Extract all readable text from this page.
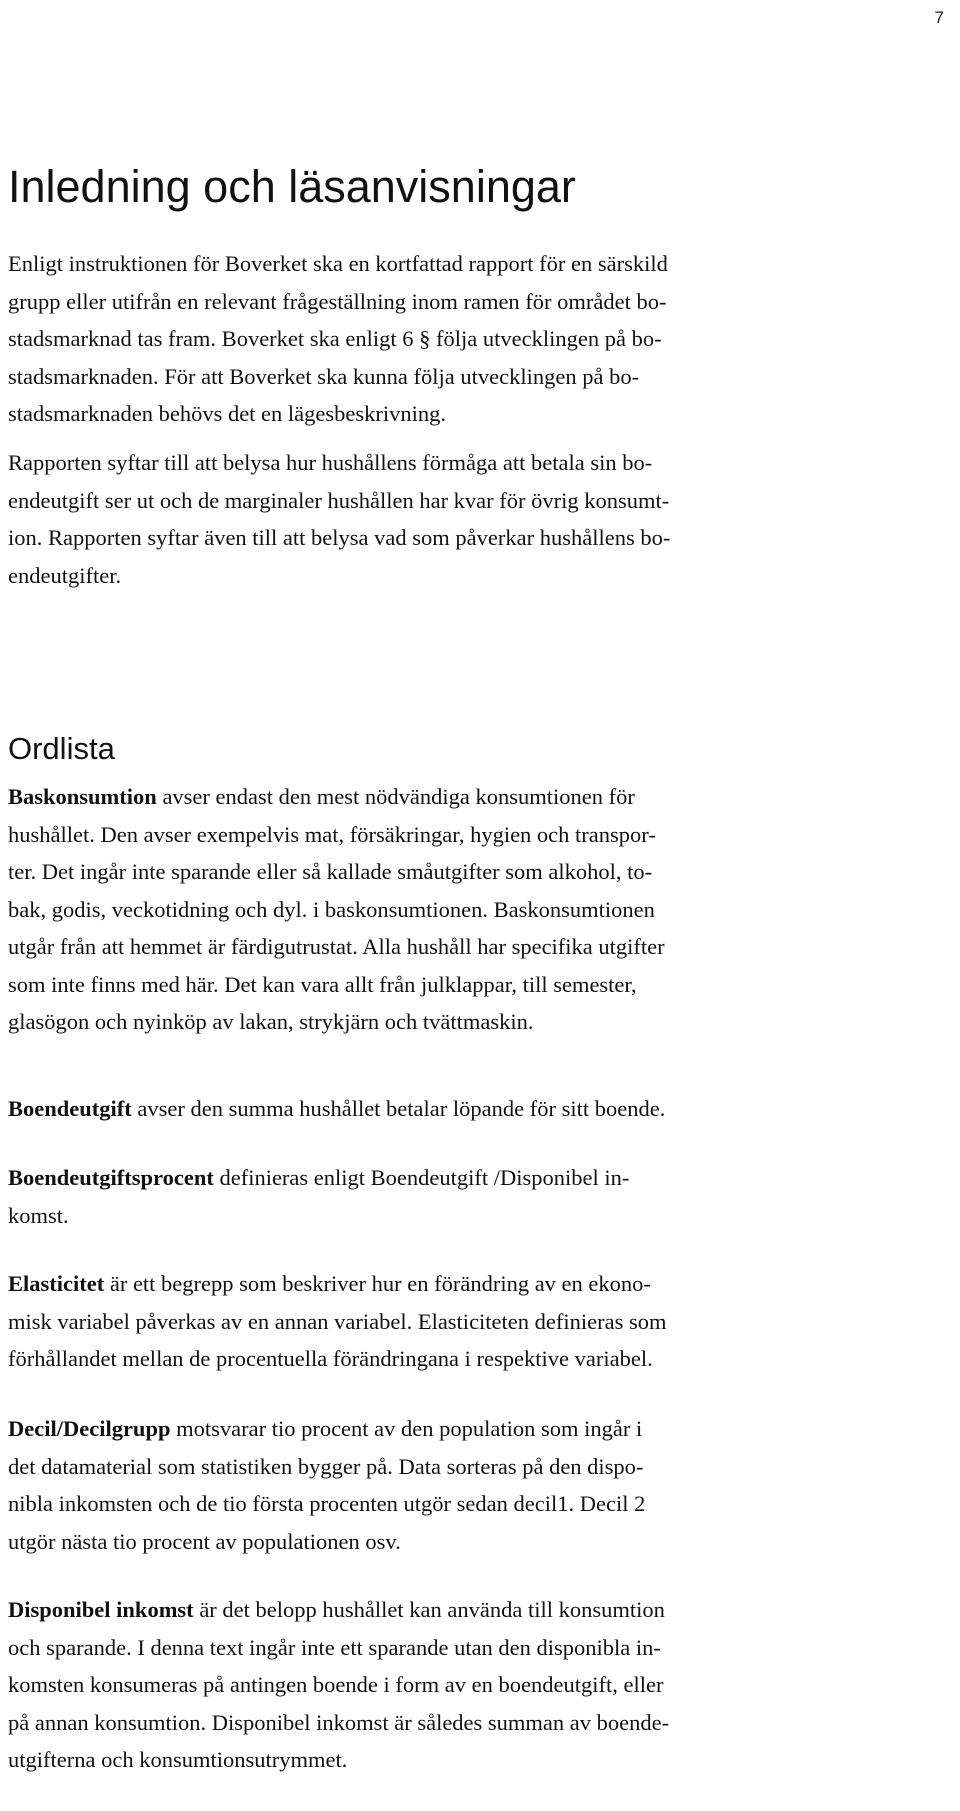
7
Inledning och läsanvisningar
Enligt instruktionen för Boverket ska en kortfattad rapport för en särskild
grupp eller utifrån en relevant frågeställning inom ramen för området bo-
stadsmarknad tas fram. Boverket ska enligt 6 § följa utvecklingen på bo-
stadsmarknaden. För att Boverket ska kunna följa utvecklingen på bo-
stadsmarknaden behövs det en lägesbeskrivning.
Rapporten syftar till att belysa hur hushållens förmåga att betala sin bo-
endeutgift ser ut och de marginaler hushållen har kvar för övrig konsumt-
ion. Rapporten syftar även till att belysa vad som påverkar hushållens bo-
endeutgifter.
Ordlista
Baskonsumtion avser endast den mest nödvändiga konsumtionen för
hushållet. Den avser exempelvis mat, försäkringar, hygien och transpor-
ter. Det ingår inte sparande eller så kallade småutgifter som alkohol, to-
bak, godis, veckotidning och dyl. i baskonsumtionen. Baskonsumtionen
utgår från att hemmet är färdigutrustat. Alla hushåll har specifika utgifter
som inte finns med här. Det kan vara allt från julklappar, till semester,
glasögon och nyinköp av lakan, strykjärn och tvättmaskin.
Boendeutgift avser den summa hushållet betalar löpande för sitt boende.
Boendeutgiftsprocent definieras enligt Boendeutgift /Disponibel in-
komst.
Elasticitet är ett begrepp som beskriver hur en förändring av en ekono-
misk variabel påverkas av en annan variabel. Elasticiteten definieras som
förhållandet mellan de procentuella förändringana i respektive variabel.
Decil/Decilgrupp motsvarar tio procent av den population som ingår i
det datamaterial som statistiken bygger på. Data sorteras på den dispo-
nibla inkomsten och de tio första procenten utgör sedan decil1. Decil 2
utgör nästa tio procent av populationen osv.
Disponibel inkomst är det belopp hushållet kan använda till konsumtion
och sparande. I denna text ingår inte ett sparande utan den disponibla in-
komsten konsumeras på antingen boende i form av en boendeutgift, eller
på annan konsumtion. Disponibel inkomst är således summan av boende-
utgifterna och konsumtionsutrymmet.
